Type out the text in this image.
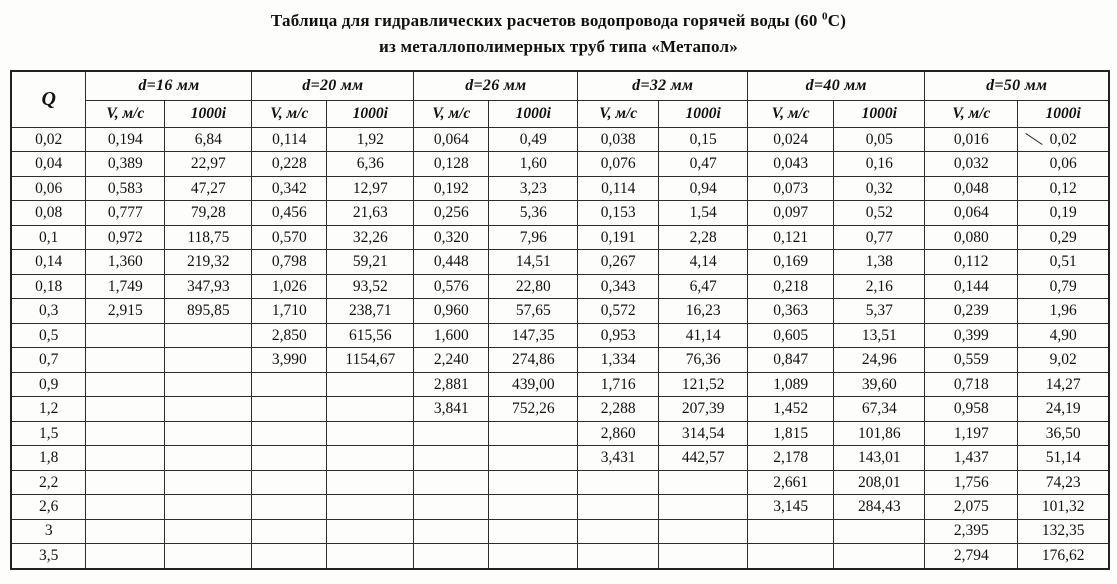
Таблица для гидравлических расчетов водопровода горячей воды (60 $^0$С)
из металлополимерных труб типа «Метапол»
Q	d=16 мм		d=20 мм		d=26 мм		d=32 мм		d=40 мм		d=50 мм	
	V, м/с	1000i	V, м/с	1000i	V, м/с	1000i	V, м/с	1000i	V, м/с	1000i	V, м/с	1000i
0,02	0,194	6,84	0,114	1,92	0,064	0,49	0,038	0,15	0,024	0,05	0,016	0,02
0,04	0,389	22,97	0,228	6,36	0,128	1,60	0,076	0,47	0,043	0,16	0,032	0,06
0,06	0,583	47,27	0,342	12,97	0,192	3,23	0,114	0,94	0,073	0,32	0,048	0,12
0,08	0,777	79,28	0,456	21,63	0,256	5,36	0,153	1,54	0,097	0,52	0,064	0,19
0,1	0,972	118,75	0,570	32,26	0,320	7,96	0,191	2,28	0,121	0,77	0,080	0,29
0,14	1,360	219,32	0,798	59,21	0,448	14,51	0,267	4,14	0,169	1,38	0,112	0,51
0,18	1,749	347,93	1,026	93,52	0,576	22,80	0,343	6,47	0,218	2,16	0,144	0,79
0,3	2,915	895,85	1,710	238,71	0,960	57,65	0,572	16,23	0,363	5,37	0,239	1,96
0,5			2,850	615,56	1,600	147,35	0,953	41,14	0,605	13,51	0,399	4,90
0,7			3,990	1154,67	2,240	274,86	1,334	76,36	0,847	24,96	0,559	9,02
0,9					2,881	439,00	1,716	121,52	1,089	39,60	0,718	14,27
1,2					3,841	752,26	2,288	207,39	1,452	67,34	0,958	24,19
1,5							2,860	314,54	1,815	101,86	1,197	36,50
1,8							3,431	442,57	2,178	143,01	1,437	51,14
2,2									2,661	208,01	1,756	74,23
2,6									3,145	284,43	2,075	101,32
3											2,395	132,35
3,5											2,794	176,62
